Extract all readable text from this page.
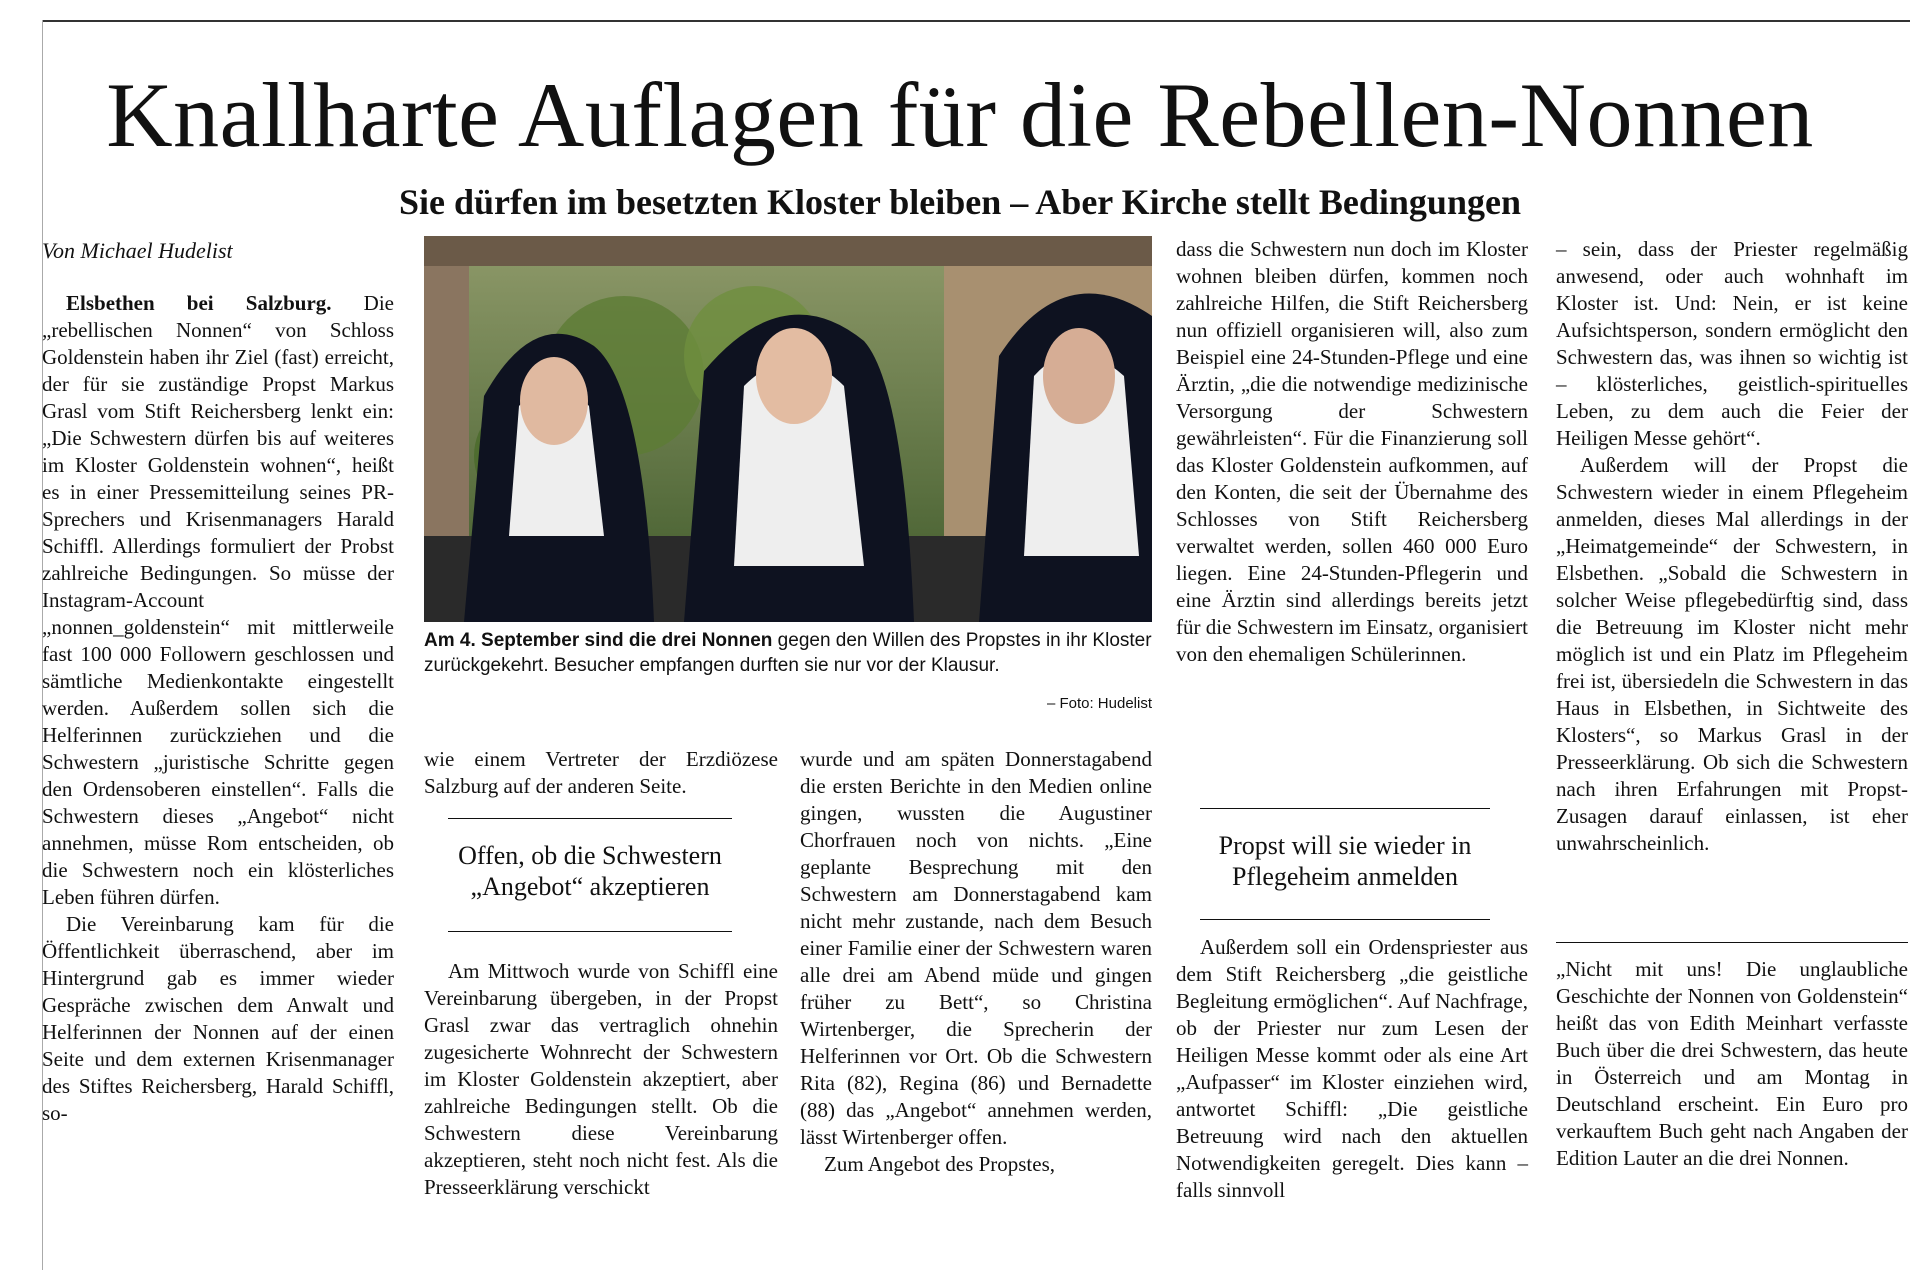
Knallharte Auflagen für die Rebellen-Nonnen
Sie dürfen im besetzten Kloster bleiben – Aber Kirche stellt Bedingungen

Von Michael Hudelist

Elsbethen bei Salzburg. Die „rebellischen Nonnen“ von Schloss Goldenstein haben ihr Ziel (fast) erreicht, der für sie zuständige Propst Markus Grasl vom Stift Reichersberg lenkt ein: „Die Schwestern dürfen bis auf weiteres im Kloster Goldenstein wohnen“, heißt es in einer Pressemitteilung seines PR-Sprechers und Krisenmanagers Harald Schiffl. Allerdings formuliert der Probst zahlreiche Bedingungen. So müsse der Instagram-Account „nonnen_goldenstein“ mit mittlerweile fast 100 000 Followern geschlossen und sämtliche Medienkontakte eingestellt werden. Außerdem sollen sich die Helferinnen zurückziehen und die Schwestern „juristische Schritte gegen den Ordensoberen einstellen“. Falls die Schwestern dieses „Angebot“ nicht annehmen, müsse Rom entscheiden, ob die Schwestern noch ein klösterliches Leben führen dürfen.

Die Vereinbarung kam für die Öffentlichkeit überraschend, aber im Hintergrund gab es immer wieder Gespräche zwischen dem Anwalt und Helferinnen der Nonnen auf der einen Seite und dem externen Krisenmanager des Stiftes Reichersberg, Harald Schiffl, so-

Am 4. September sind die drei Nonnen gegen den Willen des Propstes in ihr Kloster zurückgekehrt. Besucher empfangen durften sie nur vor der Klausur.
– Foto: Hudelist

wie einem Vertreter der Erzdiözese Salzburg auf der anderen Seite.

Offen, ob die Schwestern „Angebot“ akzeptieren

Am Mittwoch wurde von Schiffl eine Vereinbarung übergeben, in der Propst Grasl zwar das vertraglich ohnehin zugesicherte Wohnrecht der Schwestern im Kloster Goldenstein akzeptiert, aber zahlreiche Bedingungen stellt. Ob die Schwestern diese Vereinbarung akzeptieren, steht noch nicht fest. Als die Presseerklärung verschickt

wurde und am späten Donnerstagabend die ersten Berichte in den Medien online gingen, wussten die Augustiner Chorfrauen noch von nichts. „Eine geplante Besprechung mit den Schwestern am Donnerstagabend kam nicht mehr zustande, nach dem Besuch einer Familie einer der Schwestern waren alle drei am Abend müde und gingen früher zu Bett“, so Christina Wirtenberger, die Sprecherin der Helferinnen vor Ort. Ob die Schwestern Rita (82), Regina (86) und Bernadette (88) das „Angebot“ annehmen werden, lässt Wirtenberger offen.

Zum Angebot des Propstes,

dass die Schwestern nun doch im Kloster wohnen bleiben dürfen, kommen noch zahlreiche Hilfen, die Stift Reichersberg nun offiziell organisieren will, also zum Beispiel eine 24-Stunden-Pflege und eine Ärztin, „die die notwendige medizinische Versorgung der Schwestern gewährleisten“. Für die Finanzierung soll das Kloster Goldenstein aufkommen, auf den Konten, die seit der Übernahme des Schlosses von Stift Reichersberg verwaltet werden, sollen 460 000 Euro liegen. Eine 24-Stunden-Pflegerin und eine Ärztin sind allerdings bereits jetzt für die Schwestern im Einsatz, organisiert von den ehemaligen Schülerinnen.

Propst will sie wieder in Pflegeheim anmelden

Außerdem soll ein Ordenspriester aus dem Stift Reichersberg „die geistliche Begleitung ermöglichen“. Auf Nachfrage, ob der Priester nur zum Lesen der Heiligen Messe kommt oder als eine Art „Aufpasser“ im Kloster einziehen wird, antwortet Schiffl: „Die geistliche Betreuung wird nach den aktuellen Notwendigkeiten geregelt. Dies kann – falls sinnvoll

– sein, dass der Priester regelmäßig anwesend, oder auch wohnhaft im Kloster ist. Und: Nein, er ist keine Aufsichtsperson, sondern ermöglicht den Schwestern das, was ihnen so wichtig ist – klösterliches, geistlich-spirituelles Leben, zu dem auch die Feier der Heiligen Messe gehört“.

Außerdem will der Propst die Schwestern wieder in einem Pflegeheim anmelden, dieses Mal allerdings in der „Heimatgemeinde“ der Schwestern, in Elsbethen. „Sobald die Schwestern in solcher Weise pflegebedürftig sind, dass die Betreuung im Kloster nicht mehr möglich ist und ein Platz im Pflegeheim frei ist, übersiedeln die Schwestern in das Haus in Elsbethen, in Sichtweite des Klosters“, so Markus Grasl in der Presseerklärung. Ob sich die Schwestern nach ihren Erfahrungen mit Propst-Zusagen darauf einlassen, ist eher unwahrscheinlich.

„Nicht mit uns! Die unglaubliche Geschichte der Nonnen von Goldenstein“ heißt das von Edith Meinhart verfasste Buch über die drei Schwestern, das heute in Österreich und am Montag in Deutschland erscheint. Ein Euro pro verkauftem Buch geht nach Angaben der Edition Lauter an die drei Nonnen.
